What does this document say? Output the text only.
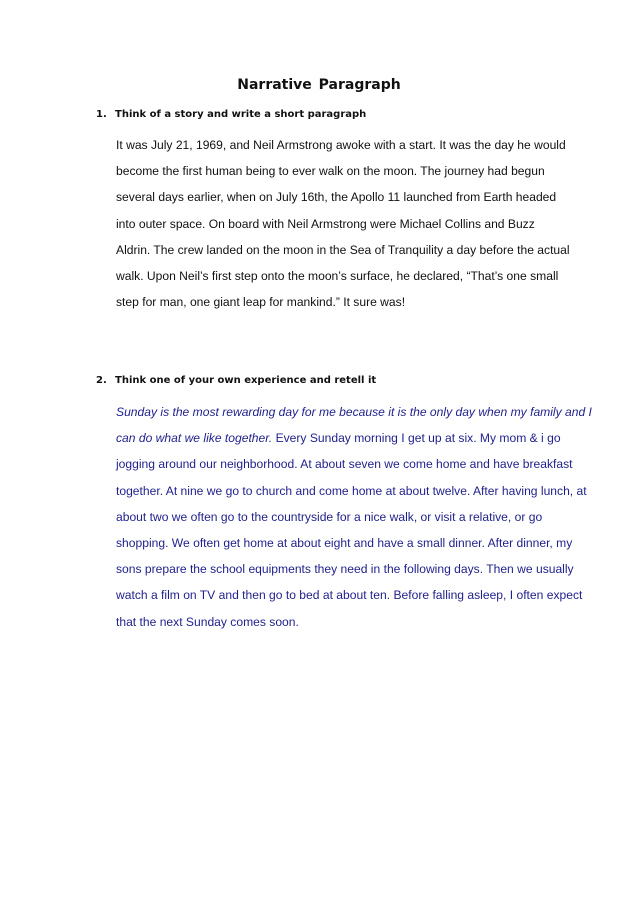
Narrative Paragraph
1. Think of a story and write a short paragraph
It was July 21, 1969, and Neil Armstrong awoke with a start. It was the day he would
become the first human being to ever walk on the moon. The journey had begun
several days earlier, when on July 16th, the Apollo 11 launched from Earth headed
into outer space. On board with Neil Armstrong were Michael Collins and Buzz
Aldrin. The crew landed on the moon in the Sea of Tranquility a day before the actual
walk. Upon Neil’s first step onto the moon’s surface, he declared, “That’s one small
step for man, one giant leap for mankind.” It sure was!
2. Think one of your own experience and retell it
Sunday is the most rewarding day for me because it is the only day when my family and I
can do what we like together. Every Sunday morning I get up at six. My mom & i go
jogging around our neighborhood. At about seven we come home and have breakfast
together. At nine we go to church and come home at about twelve. After having lunch, at
about two we often go to the countryside for a nice walk, or visit a relative, or go
shopping. We often get home at about eight and have a small dinner. After dinner, my
sons prepare the school equipments they need in the following days. Then we usually
watch a film on TV and then go to bed at about ten. Before falling asleep, I often expect
that the next Sunday comes soon.
